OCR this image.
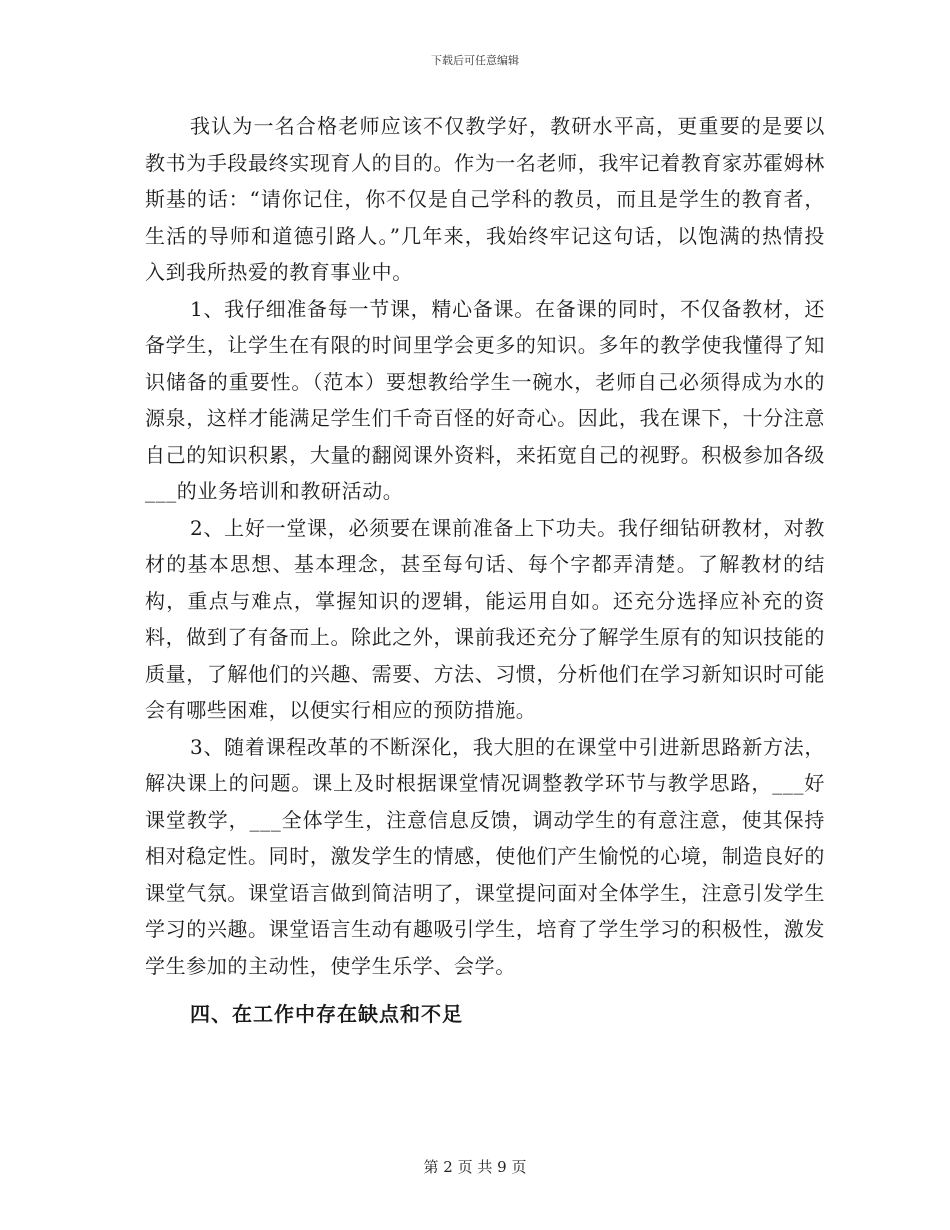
下载后可任意编辑

我认为一名合格老师应该不仅教学好，教研水平高，更重要的是要以教书为手段最终实现育人的目的。作为一名老师，我牢记着教育家苏霍姆林斯基的话：“请你记住，你不仅是自己学科的教员，而且是学生的教育者，生活的导师和道德引路人。”几年来，我始终牢记这句话，以饱满的热情投入到我所热爱的教育事业中。

1、我仔细准备每一节课，精心备课。在备课的同时，不仅备教材，还备学生，让学生在有限的时间里学会更多的知识。多年的教学使我懂得了知识储备的重要性。（范本）要想教给学生一碗水，老师自己必须得成为水的源泉，这样才能满足学生们千奇百怪的好奇心。因此，我在课下，十分注意自己的知识积累，大量的翻阅课外资料，来拓宽自己的视野。积极参加各级___的业务培训和教研活动。

2、上好一堂课，必须要在课前准备上下功夫。我仔细钻研教材，对教材的基本思想、基本理念，甚至每句话、每个字都弄清楚。了解教材的结构，重点与难点，掌握知识的逻辑，能运用自如。还充分选择应补充的资料，做到了有备而上。除此之外，课前我还充分了解学生原有的知识技能的质量，了解他们的兴趣、需要、方法、习惯，分析他们在学习新知识时可能会有哪些困难，以便实行相应的预防措施。

3、随着课程改革的不断深化，我大胆的在课堂中引进新思路新方法，解决课上的问题。课上及时根据课堂情况调整教学环节与教学思路，___好课堂教学，___全体学生，注意信息反馈，调动学生的有意注意，使其保持相对稳定性。同时，激发学生的情感，使他们产生愉悦的心境，制造良好的课堂气氛。课堂语言做到简洁明了，课堂提问面对全体学生，注意引发学生学习的兴趣。课堂语言生动有趣吸引学生，培育了学生学习的积极性，激发学生参加的主动性，使学生乐学、会学。

四、在工作中存在缺点和不足

第 2 页 共 9 页
